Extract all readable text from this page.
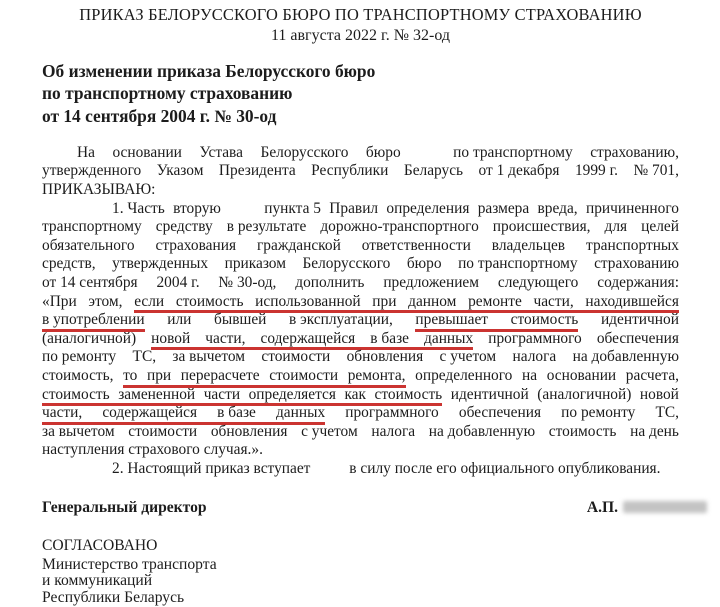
ПРИКАЗ БЕЛОРУССКОГО БЮРО ПО ТРАНСПОРТНОМУ СТРАХОВАНИЮ
11 августа 2022 г. № 32-од
Об изменении приказа Белорусского бюро
по транспортному страхованию
от 14 сентября 2004 г. № 30-од
На основании Устава Белорусского бюро	по транспортному страхованию,
утвержденного Указом Президента Республики Беларусь от 1 декабря 1999 г. № 701,
ПРИКАЗЫВАЮ:
1. Часть вторую	пункта 5 Правил определения размера вреда, причиненного
транспортному средству в результате дорожно-транспортного происшествия, для целей
обязательного страхования гражданской ответственности владельцев транспортных
средств, утвержденных приказом Белорусского бюро по транспортному страхованию
от 14 сентября 2004 г. № 30-од, дополнить предложением следующего содержания:
«При этом, если стоимость использованной при данном ремонте части, находившейся
в употреблении или бывшей в эксплуатации, превышает стоимость идентичной
(аналогичной) новой части, содержащейся в базе данных программного обеспечения
по ремонту ТС, за вычетом стоимости обновления с учетом налога на добавленную
стоимость, то при перерасчете стоимости ремонта, определенного на основании расчета,
стоимость замененной части определяется как стоимость идентичной (аналогичной) новой
части, содержащейся в базе данных программного обеспечения по ремонту ТС,
за вычетом стоимости обновления с учетом налога на добавленную стоимость на день
наступления страхового случая.».
2. Настоящий приказ вступает	в силу после его официального опубликования.
Генеральный директор	А.П.
СОГЛАСОВАНО
Министерство транспорта
и коммуникаций
Республики Беларусь
